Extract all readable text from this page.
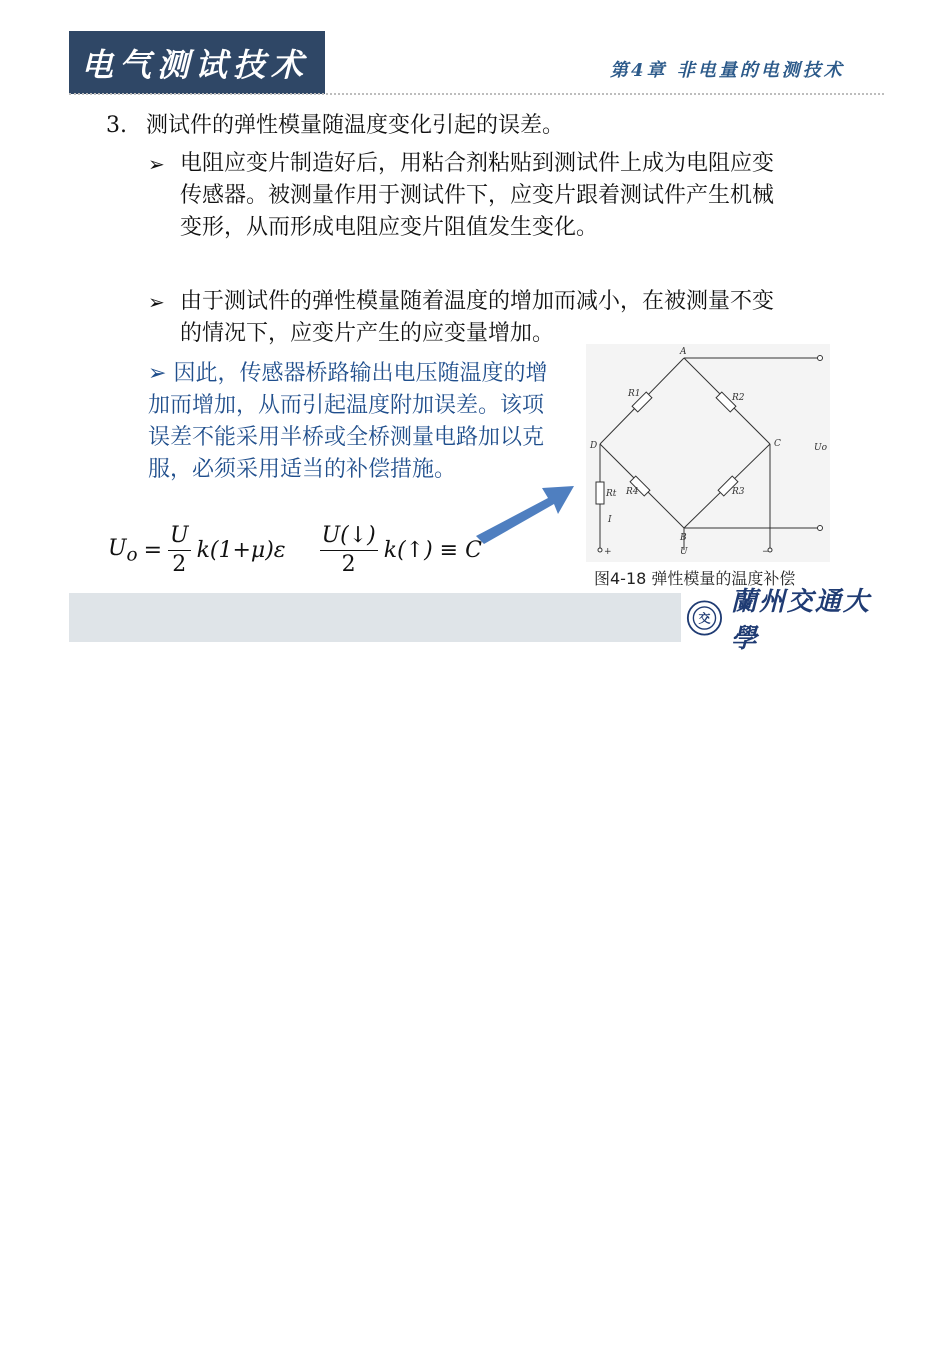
电气测试技术	第4章 非电量的电测技术
3. 测试件的弹性模量随温度变化引起的误差。
➢ 电阻应变片制造好后，用粘合剂粘贴到测试件上成为电阻应变传感器。被测量作用于测试件下，应变片跟着测试件产生机械变形，从而形成电阻应变片阻值发生变化。
➢ 由于测试件的弹性模量随着温度的增加而减小，在被测量不变的情况下，应变片产生的应变量增加。
➢ 因此，传感器桥路输出电压随温度的增加而增加，从而引起温度附加误差。该项误差不能采用半桥或全桥测量电路加以克服，必须采用适当的补偿措施。
$U_o = \frac{U}{2} k(1+\mu)\varepsilon \frac{U(↓)}{2}$ k(↑) ≡ C
A
B
C
D
R1	R2
R3
R4
Rt
Uo
I
U
+	−
图4-18 弹性模量的温度补偿
交
蘭州交通大學
